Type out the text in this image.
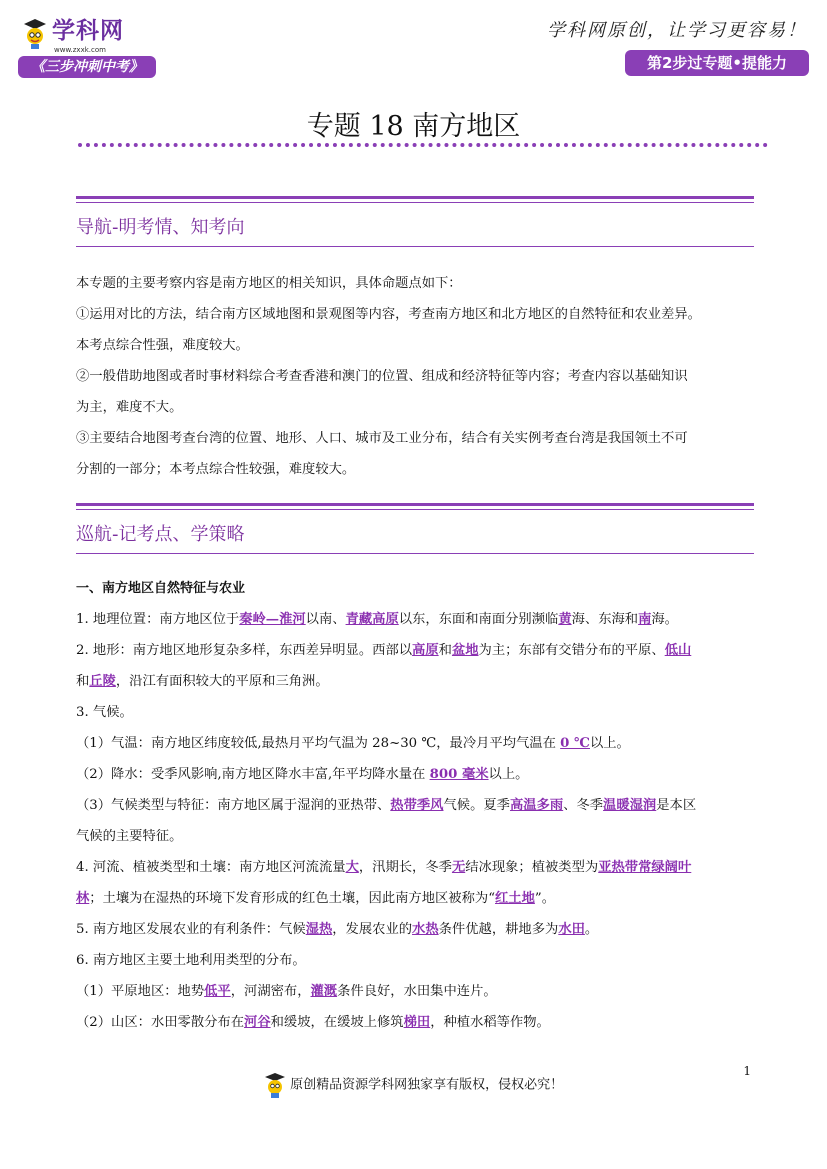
学科网
www.zxxk.com
《三步冲刺中考》
学科网原创，让学习更容易！
第2步过专题•提能力
专题 18 南方地区
导航-明考情、知考向

本专题的主要考察内容是南方地区的相关知识，具体命题点如下：

①运用对比的方法，结合南方区域地图和景观图等内容，考查南方地区和北方地区的自然特征和农业差异。

本考点综合性强，难度较大。

②一般借助地图或者时事材料综合考查香港和澳门的位置、组成和经济特征等内容；考查内容以基础知识

为主，难度不大。

③主要结合地图考查台湾的位置、地形、人口、城市及工业分布，结合有关实例考查台湾是我国领土不可

分割的一部分；本考点综合性较强，难度较大。

巡航-记考点、学策略

一、南方地区自然特征与农业

1. 地理位置：南方地区位于秦岭—淮河以南、青藏高原以东，东面和南面分别濒临黄海、东海和南海。

2. 地形：南方地区地形复杂多样，东西差异明显。西部以高原和盆地为主；东部有交错分布的平原、低山

和丘陵，沿江有面积较大的平原和三角洲。

3. 气候。

（1）气温：南方地区纬度较低,最热月平均气温为 28~30 ℃，最冷月平均气温在 0 ℃以上。

（2）降水：受季风影响,南方地区降水丰富,年平均降水量在 800 毫米以上。

（3）气候类型与特征：南方地区属于湿润的亚热带、热带季风气候。夏季高温多雨、冬季温暖湿润是本区

气候的主要特征。

4. 河流、植被类型和土壤：南方地区河流流量大，汛期长，冬季无结冰现象；植被类型为亚热带常绿阔叶

林；土壤为在湿热的环境下发育形成的红色土壤，因此南方地区被称为“红土地”。

5. 南方地区发展农业的有利条件：气候湿热，发展农业的水热条件优越，耕地多为水田。

6. 南方地区主要土地利用类型的分布。

（1）平原地区：地势低平，河湖密布，灌溉条件良好，水田集中连片。

（2）山区：水田零散分布在河谷和缓坡，在缓坡上修筑梯田，种植水稻等作物。

1
原创精品资源学科网独家享有版权，侵权必究！
